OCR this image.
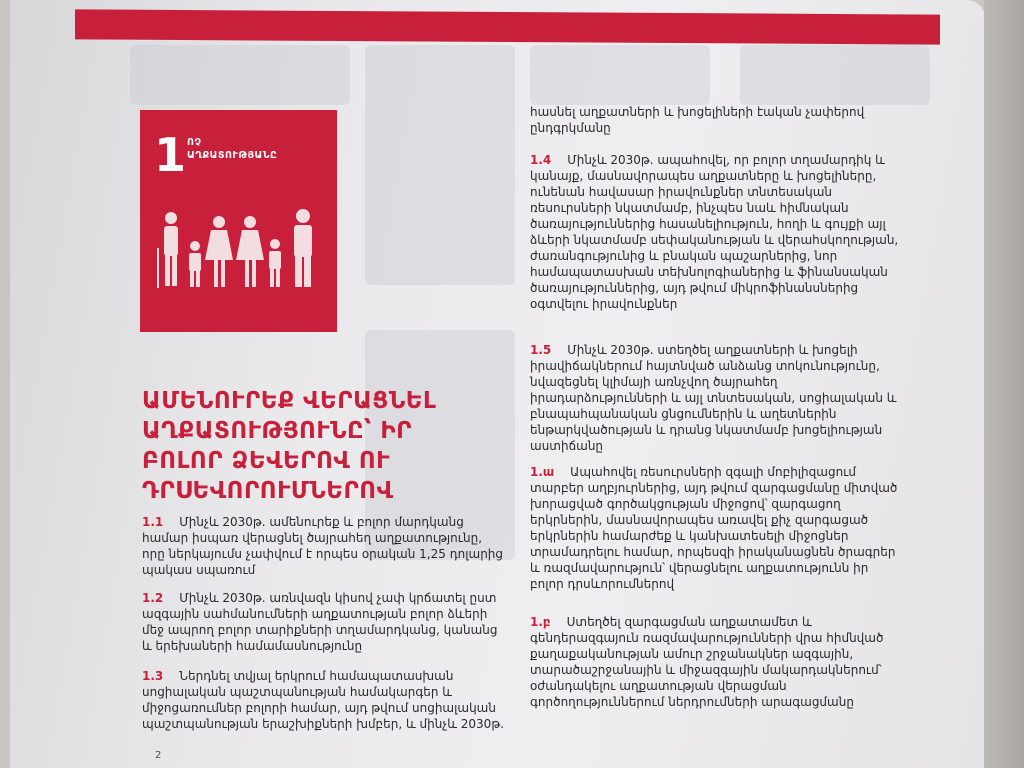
1 ՈՉ
ԱՂՔԱՏՈՒԹՅԱՆԸ
ԱՄԵՆՈՒՐԵՔ ՎԵՐԱՑՆԵԼ
ԱՂՔԱՏՈՒԹՅՈՒՆԸ՝ ԻՐ
ԲՈԼՈՐ ՁԵՎԵՐՈՎ ՈՒ
ԴՐՍԵՎՈՐՈՒՄՆԵՐՈՎ
1.1 Մինչև 2030թ. ամենուրեք և բոլոր մարդկանց համար իսպառ վերացնել ծայրահեղ աղքատությունը, որը ներկայումս չափվում է որպես օրական 1,25 դոլարից պակաս սպառում
1.2 Մինչև 2030թ. առնվազն կիսով չափ կրճատել ըստ ազգային սահմանումների աղքատության բոլոր ձևերի մեջ ապրող բոլոր տարիքների տղամարդկանց, կանանց և երեխաների համամասնությունը
1.3 Ներդնել տվյալ երկրում համապատասխան սոցիալական պաշտպանության համակարգեր և միջոցառումներ բոլորի համար, այդ թվում սոցիալական պաշտպանության երաշխիքների խմբեր, և մինչև 2030թ.
հասնել աղքատների և խոցելիների էական չափերով ընդգրկմանը
1.4 Մինչև 2030թ. ապահովել, որ բոլոր տղամարդիկ և կանայք, մասնավորապես աղքատները և խոցելիները, ունենան հավասար իրավունքներ տնտեսական ռեսուրսների նկատմամբ, ինչպես նաև հիմնական ծառայություններից հասանելիություն, հողի և գույքի այլ ձևերի նկատմամբ սեփականության և վերահսկողության, ժառանգությունից և բնական պաշարներից, նոր համապատասխան տեխնոլոգիաներից և ֆինանսական ծառայություններից, այդ թվում միկրոֆինանսներից օգտվելու իրավունքներ
1.5 Մինչև 2030թ. ստեղծել աղքատների և խոցելի իրավիճակներում հայտնված անձանց տոկունությունը, նվազեցնել կլիմայի առնչվող ծայրահեղ իրադարձությունների և այլ տնտեսական, սոցիալական և բնապահպանական ցնցումներին և աղետներին ենթարկվածության և դրանց նկատմամբ խոցելիության աստիճանը
1.ա Ապահովել ռեսուրսների զգալի մոբիլիզացում տարբեր աղբյուրներից, այդ թվում զարգացմանը միտված խորացված գործակցության միջոցով՝ զարգացող երկրներին, մասնավորապես առավել քիչ զարգացած երկրներին համարժեք և կանխատեսելի միջոցներ տրամադրելու համար, որպեսզի իրականացնեն ծրագրեր և ռազմավարություն՝ վերացնելու աղքատությունն իր բոլոր դրսևորումներով
1.բ Ստեղծել զարգացման աղքատամետ և գենդերազգայուն ռազմավարությունների վրա հիմնված քաղաքականության ամուր շրջանակներ ազգային, տարածաշրջանային և միջազգային մակարդակներում՝ օժանդակելու աղքատության վերացման գործողություններում ներդրումների արագացմանը
2
